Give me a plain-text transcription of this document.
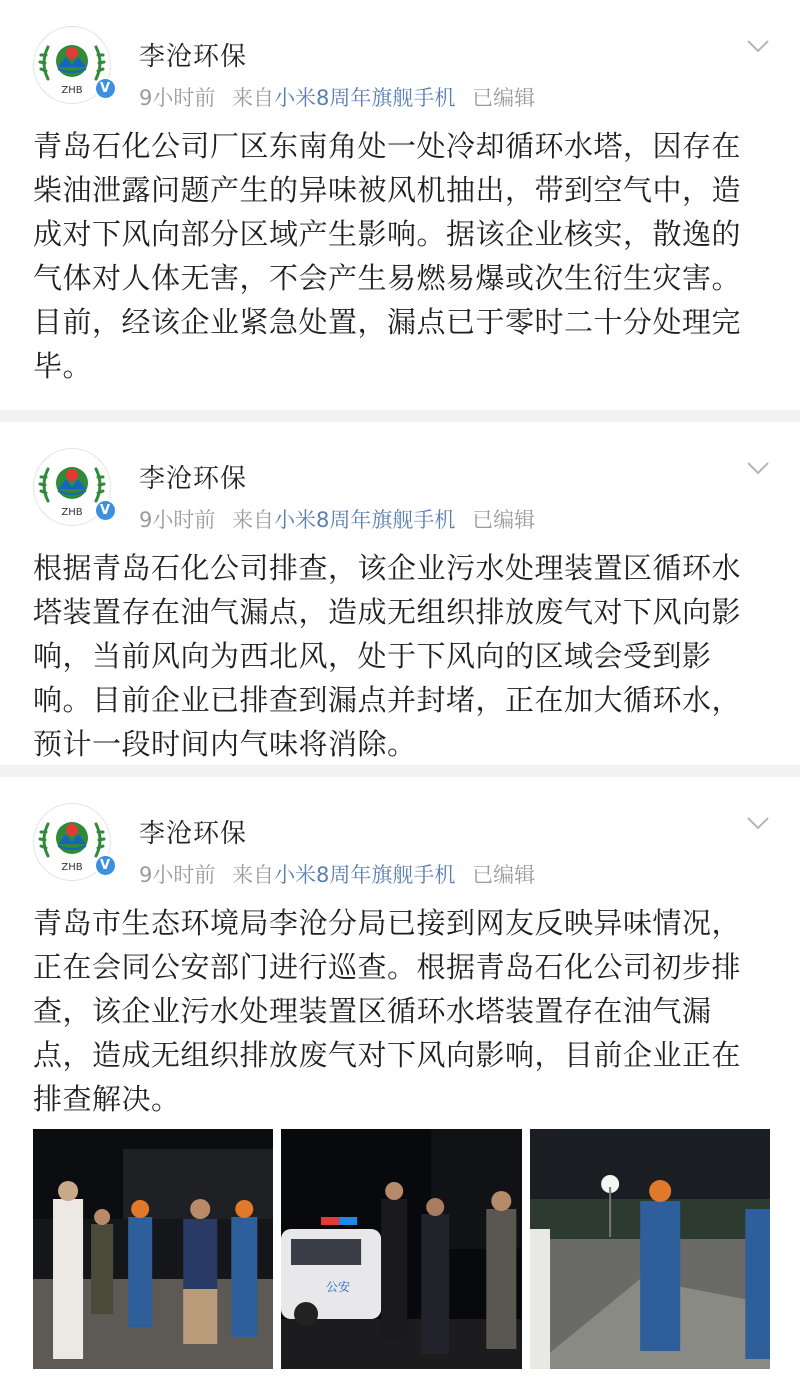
ZHB	V
李沧环保
9小时前 来自小米8周年旗舰手机 已编辑

青岛石化公司厂区东南角处一处冷却循环水塔，因存在柴油泄露问题产生的异味被风机抽出，带到空气中，造成对下风向部分区域产生影响。据该企业核实，散逸的气体对人体无害，不会产生易燃易爆或次生衍生灾害。目前，经该企业紧急处置，漏点已于零时二十分处理完毕。

ZHB	V
李沧环保
9小时前 来自小米8周年旗舰手机 已编辑

根据青岛石化公司排查，该企业污水处理装置区循环水塔装置存在油气漏点，造成无组织排放废气对下风向影响，当前风向为西北风，处于下风向的区域会受到影响。目前企业已排查到漏点并封堵，正在加大循环水，预计一段时间内气味将消除。

ZHB	V
李沧环保
9小时前 来自小米8周年旗舰手机 已编辑

青岛市生态环境局李沧分局已接到网友反映异味情况，正在会同公安部门进行巡查。根据青岛石化公司初步排查，该企业污水处理装置区循环水塔装置存在油气漏点，造成无组织排放废气对下风向影响，目前企业正在排查解决。

公安
